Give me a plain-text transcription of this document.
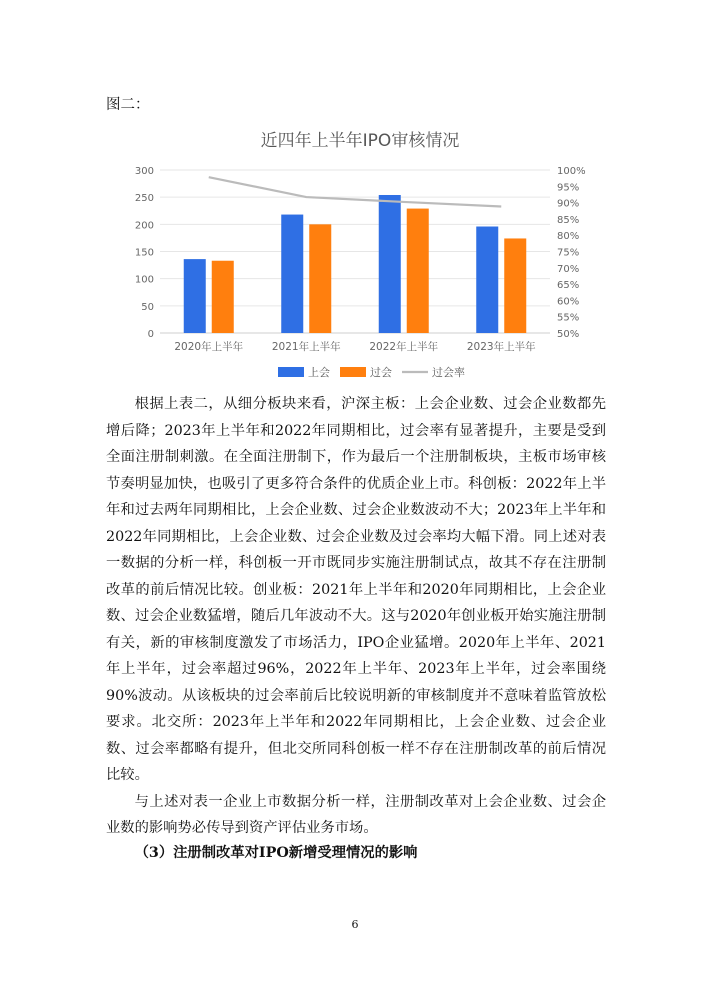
图二：
近四年上半年IPO审核情况
0
50
100
150
200
250
300
50%
55%
60%
65%
70%
75%
80%
85%
90%
95%
100%
2020年上半年	2021年上半年	2022年上半年	2023年上半年
上会	过会	过会率

根据上表二，从细分板块来看，沪深主板：上会企业数、过会企业数都先增后降；2023年上半年和2022年同期相比，过会率有显著提升，主要是受到全面注册制刺激。在全面注册制下，作为最后一个注册制板块，主板市场审核节奏明显加快，也吸引了更多符合条件的优质企业上市。科创板：2022年上半年和过去两年同期相比，上会企业数、过会企业数波动不大；2023年上半年和2022年同期相比，上会企业数、过会企业数及过会率均大幅下滑。同上述对表一数据的分析一样，科创板一开市既同步实施注册制试点，故其不存在注册制改革的前后情况比较。创业板：2021年上半年和2020年同期相比，上会企业数、过会企业数猛增，随后几年波动不大。这与2020年创业板开始实施注册制有关，新的审核制度激发了市场活力，IPO企业猛增。2020年上半年、2021年上半年，过会率超过96%，2022年上半年、2023年上半年，过会率围绕90%波动。从该板块的过会率前后比较说明新的审核制度并不意味着监管放松要求。北交所：2023年上半年和2022年同期相比，上会企业数、过会企业数、过会率都略有提升，但北交所同科创板一样不存在注册制改革的前后情况比较。

与上述对表一企业上市数据分析一样，注册制改革对上会企业数、过会企业数的影响势必传导到资产评估业务市场。

（3）注册制改革对IPO新增受理情况的影响
6
